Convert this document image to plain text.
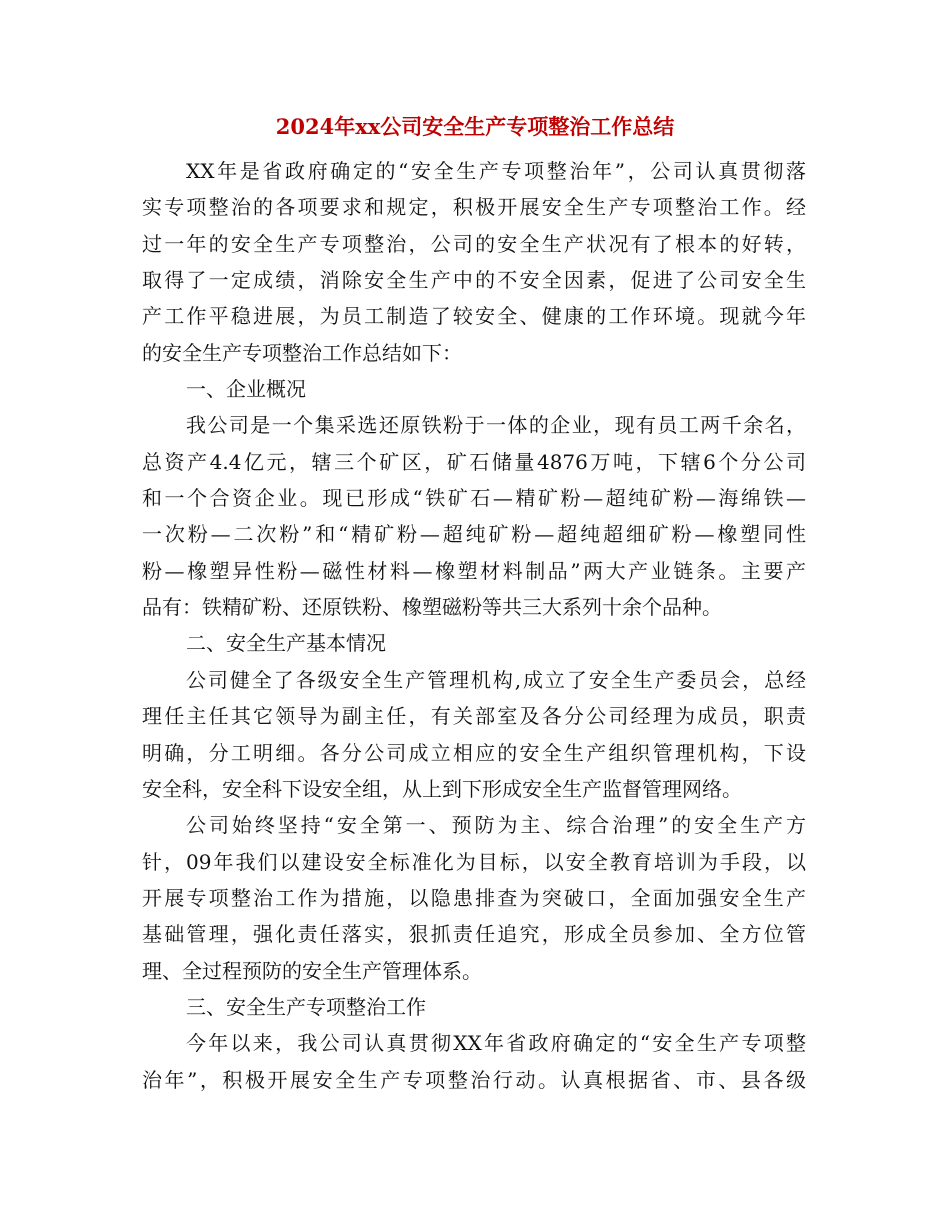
2024年xx公司安全生产专项整治工作总结
XX年是省政府确定的“安全生产专项整治年”，公司认真贯彻落
实专项整治的各项要求和规定，积极开展安全生产专项整治工作。经
过一年的安全生产专项整治，公司的安全生产状况有了根本的好转，
取得了一定成绩，消除安全生产中的不安全因素，促进了公司安全生
产工作平稳进展，为员工制造了较安全、健康的工作环境。现就今年
的安全生产专项整治工作总结如下：
一、企业概况
我公司是一个集采选还原铁粉于一体的企业，现有员工两千余名，
总资产4.4亿元，辖三个矿区，矿石储量4876万吨，下辖6个分公司
和一个合资企业。现已形成“铁矿石—精矿粉—超纯矿粉—海绵铁—
一次粉—二次粉”和“精矿粉—超纯矿粉—超纯超细矿粉—橡塑同性
粉—橡塑异性粉—磁性材料—橡塑材料制品”两大产业链条。主要产
品有：铁精矿粉、还原铁粉、橡塑磁粉等共三大系列十余个品种。
二、安全生产基本情况
公司健全了各级安全生产管理机构,成立了安全生产委员会，总经
理任主任其它领导为副主任，有关部室及各分公司经理为成员，职责
明确，分工明细。各分公司成立相应的安全生产组织管理机构，下设
安全科，安全科下设安全组，从上到下形成安全生产监督管理网络。
公司始终坚持“安全第一、预防为主、综合治理”的安全生产方
针，09年我们以建设安全标准化为目标，以安全教育培训为手段，以
开展专项整治工作为措施，以隐患排查为突破口，全面加强安全生产
基础管理，强化责任落实，狠抓责任追究，形成全员参加、全方位管
理、全过程预防的安全生产管理体系。
三、安全生产专项整治工作
今年以来，我公司认真贯彻XX年省政府确定的“安全生产专项整
治年”，积极开展安全生产专项整治行动。认真根据省、市、县各级
